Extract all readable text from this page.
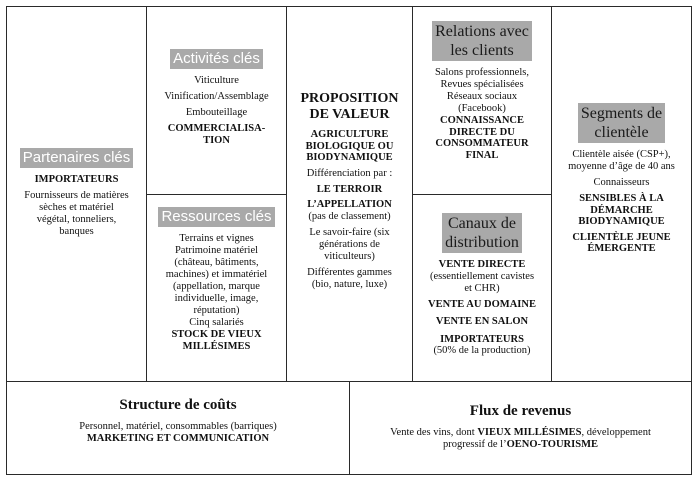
Partenaires clés

IMPORTATEURS

Fournisseurs de matières

sèches et matériel

végétal, tonneliers,

banques

Activités clés

Viticulture

Vinification/Assemblage

Embouteillage

COMMERCIALISA-

TION

Ressources clés

Terrains et vignes

Patrimoine matériel

(château, bâtiments,

machines) et immatériel

(appellation, marque

individuelle, image,

réputation)

Cinq salariés

STOCK DE VIEUX

MILLÉSIMES

PROPOSITION

DE VALEUR

AGRICULTURE

BIOLOGIQUE OU

BIODYNAMIQUE

Différenciation par :

LE TERROIR

L’APPELLATION

(pas de classement)

Le savoir-faire (six

générations de

viticulteurs)

Différentes gammes

(bio, nature, luxe)

Relations avec
les clients

Salons professionnels,

Revues spécialisées

Réseaux sociaux

(Facebook)

CONNAISSANCE

DIRECTE DU

CONSOMMATEUR

FINAL

Canaux de
distribution

VENTE DIRECTE

(essentiellement cavistes

et CHR)

VENTE AU DOMAINE

VENTE EN SALON

IMPORTATEURS

(50% de la production)

Segments de
clientèle

Clientèle aisée (CSP+),

moyenne d’âge de 40 ans

Connaisseurs

SENSIBLES À LA

DÉMARCHE

BIODYNAMIQUE

CLIENTÈLE JEUNE

ÉMERGENTE

Structure de coûts

Personnel, matériel, consommables (barriques)

MARKETING ET COMMUNICATION

Flux de revenus

Vente des vins, dont VIEUX MILLÉSIMES, développement

progressif de l’OENO-TOURISME
